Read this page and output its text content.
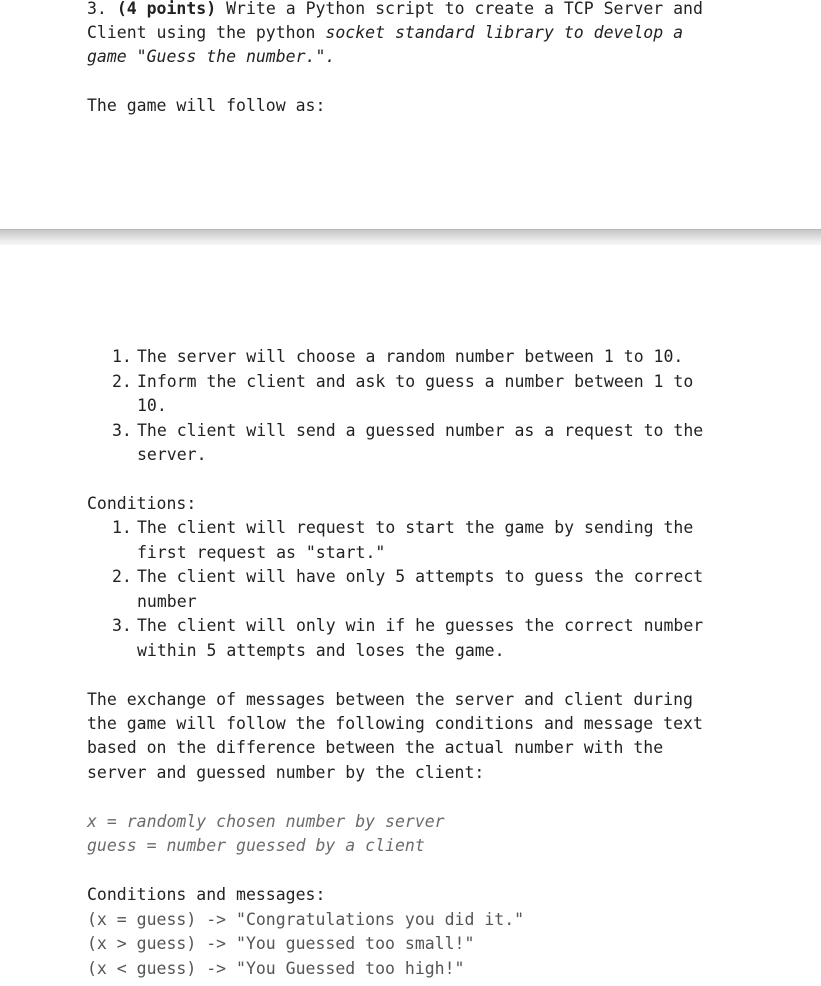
3. (4 points) Write a Python script to create a TCP Server and
Client using the python socket standard library to develop a
game "Guess the number.".
The game will follow as:
1. The server will choose a random number between 1 to 10.
2. Inform the client and ask to guess a number between 1 to
10.
3. The client will send a guessed number as a request to the
server.
Conditions:
1. The client will request to start the game by sending the
first request as "start."
2. The client will have only 5 attempts to guess the correct
number
3. The client will only win if he guesses the correct number
within 5 attempts and loses the game.
The exchange of messages between the server and client during
the game will follow the following conditions and message text
based on the difference between the actual number with the
server and guessed number by the client:
x = randomly chosen number by server
guess = number guessed by a client
Conditions and messages:
(x = guess) -> "Congratulations you did it."
(x > guess) -> "You guessed too small!"
(x < guess) -> "You Guessed too high!"
